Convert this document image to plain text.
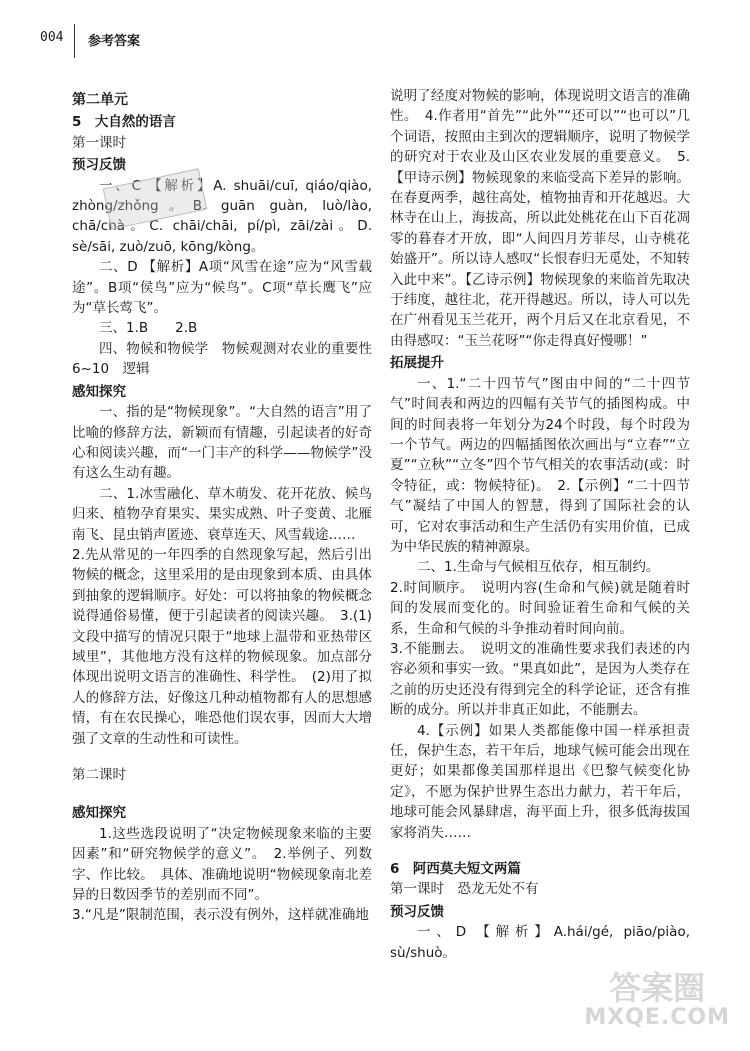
004 参考答案

第二单元

5　大自然的语言

第一课时

预习反馈

一、C 【解析】A. shuāi/cuī, qiáo/qiào, zhòng/zhǒng。B. guān guàn, luò/lào, chā/chà。C. chāi/chāi, pí/pì, zāi/zài。D. sè/sāi, zuò/zuō, kōng/kòng。

二、D 【解析】A项“风雪在途”应为“风雪载途”。B项“侯鸟”应为“候鸟”。C项“草长鹰飞”应为“草长莺飞”。

三、1.B　　2.B

四、物候和物候学　物候观测对农业的重要性　6~10　逻辑

感知探究

一、指的是“物候现象”。“大自然的语言”用了比喻的修辞方法，新颖而有情趣，引起读者的好奇心和阅读兴趣，而“一门丰产的科学——物候学”没有这么生动有趣。

二、1.冰雪融化、草木萌发、花开花放、候鸟归来、植物孕育果实、果实成熟、叶子变黄、北雁南飞、昆虫销声匿迹、衰草连天、风雪载途……

2.先从常见的一年四季的自然现象写起，然后引出物候的概念，这里采用的是由现象到本质、由具体到抽象的逻辑顺序。好处：可以将抽象的物候概念说得通俗易懂，便于引起读者的阅读兴趣。　3.(1)文段中描写的情况只限于“地球上温带和亚热带区域里”，其他地方没有这样的物候现象。加点部分体现出说明文语言的准确性、科学性。　(2)用了拟人的修辞方法，好像这几种动植物都有人的思想感情，有在农民操心，唯恐他们误农事，因而大大增强了文章的生动性和可读性。

第二课时

感知探究

1.这些选段说明了“决定物候现象来临的主要因素”和“研究物候学的意义”。　2.举例子、列数字、作比较。　具体、准确地说明“物候现象南北差异的日数因季节的差别而不同”。

3.“凡是”限制范围，表示没有例外，这样就准确地

说明了经度对物候的影响，体现说明文语言的准确性。　4.作者用“首先”“此外”“还可以”“也可以”几个词语，按照由主到次的逻辑顺序，说明了物候学的研究对于农业及山区农业发展的重要意义。　5.【甲诗示例】物候现象的来临受高下差异的影响。在春夏两季，越往高处，植物抽青和开花越迟。大林寺在山上，海拔高，所以此处桃花在山下百花凋零的暮春才开放，即“人间四月芳菲尽，山寺桃花始盛开”。所以诗人感叹“长恨春归无觅处，不知转入此中来”。【乙诗示例】物候现象的来临首先取决于纬度，越往北，花开得越迟。所以，诗人可以先在广州看见玉兰花开，两个月后又在北京看见，不由得感叹：“玉兰花呀”“你走得真好慢哪！”

拓展提升

一、1.“二十四节气”图由中间的“二十四节气”时间表和两边的四幅有关节气的插图构成。中间的时间表将一年划分为24个时段，每个时段为一个节气。两边的四幅插图依次画出与“立春”“立夏”“立秋”“立冬”四个节气相关的农事活动(或：时令特征，或：物候特征)。　2.【示例】“二十四节气”凝结了中国人的智慧，得到了国际社会的认可，它对农事活动和生产生活仍有实用价值，已成为中华民族的精神源泉。

二、1.生命与气候相互依存，相互制约。

2.时间顺序。　说明内容(生命和气候)就是随着时间的发展而变化的。时间验证着生命和气候的关系，生命和气候的斗争推动着时间向前。

3.不能删去。　说明文的准确性要求我们表述的内容必须和事实一致。“果真如此”，是因为人类存在之前的历史还没有得到完全的科学论证，还含有推断的成分。所以并非真正如此，不能删去。

4.【示例】如果人类都能像中国一样承担责任，保护生态，若干年后，地球气候可能会出现在更好；如果都像美国那样退出《巴黎气候变化协定》，不愿为保护世界生态出力献力，若干年后，地球可能会风暴肆虐，海平面上升，很多低海拔国家将消失……

6　阿西莫夫短文两篇

第一课时　恐龙无处不有

预习反馈

一、D 【解析】A.hái/gé, piāo/piào, sù/shuò。

答案圈
MXQE.COM
